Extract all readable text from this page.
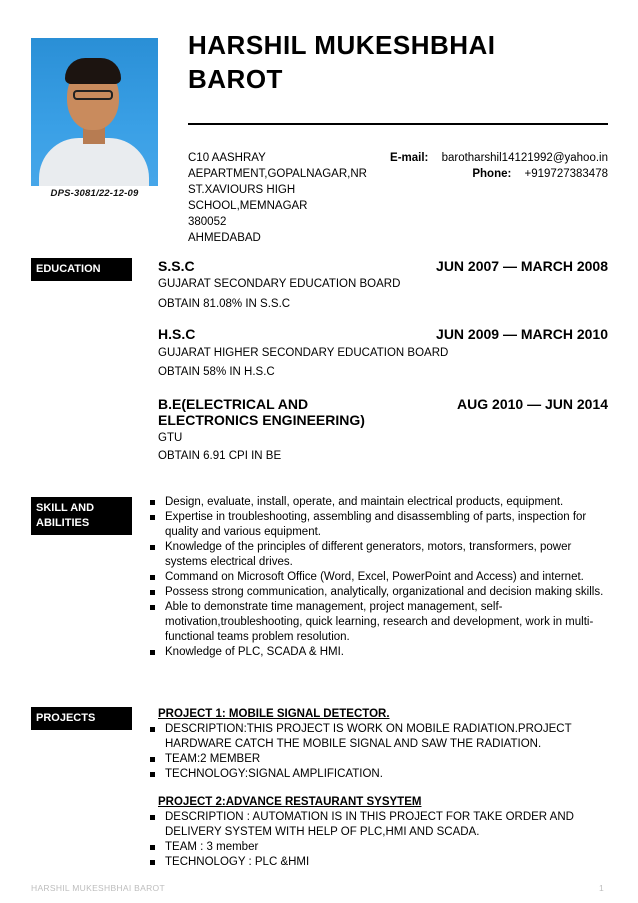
DPS-3081/22-12-09
HARSHIL MUKESHBHAI
BAROT
C10 AASHRAY
AEPARTMENT,GOPALNAGAR,NR
ST.XAVIOURS HIGH
SCHOOL,MEMNAGAR
380052
AHMEDABAD
E-mail: barotharshil14121992@yahoo.in
Phone: +919727383478
EDUCATION	S.S.C	JUN 2007 — MARCH 2008
GUJARAT SECONDARY EDUCATION BOARD
OBTAIN 81.08% IN S.S.C
H.S.C	JUN 2009 — MARCH 2010
GUJARAT HIGHER SECONDARY EDUCATION BOARD
OBTAIN 58% IN H.S.C
B.E(ELECTRICAL AND
ELECTRONICS ENGINEERING)
AUG 2010 — JUN 2014
GTU
OBTAIN 6.91 CPI IN BE
SKILL AND
ABILITIES
Design, evaluate, install, operate, and maintain electrical products, equipment.
Expertise in troubleshooting, assembling and disassembling of parts, inspection for quality and various equipment.
Knowledge of the principles of different generators, motors, transformers, power systems electrical drives.
Command on Microsoft Office (Word, Excel, PowerPoint and Access) and internet.
Possess strong communication, analytically, organizational and decision making skills.
Able to demonstrate time management, project management, self-motivation,troubleshooting, quick learning, research and development, work in multi-functional teams problem resolution.
Knowledge of PLC, SCADA & HMI.
PROJECTS	PROJECT 1: MOBILE SIGNAL DETECTOR.
DESCRIPTION:THIS PROJECT IS WORK ON MOBILE RADIATION.PROJECT HARDWARE CATCH THE MOBILE SIGNAL AND SAW THE RADIATION.
TEAM:2 MEMBER
TECHNOLOGY:SIGNAL AMPLIFICATION.
PROJECT 2:ADVANCE RESTAURANT SYSYTEM
DESCRIPTION : AUTOMATION IS IN THIS PROJECT FOR TAKE ORDER AND DELIVERY SYSTEM WITH HELP OF PLC,HMI AND SCADA.
TEAM : 3 member
TECHNOLOGY : PLC &HMI
HARSHIL MUKESHBHAI BAROT	1
